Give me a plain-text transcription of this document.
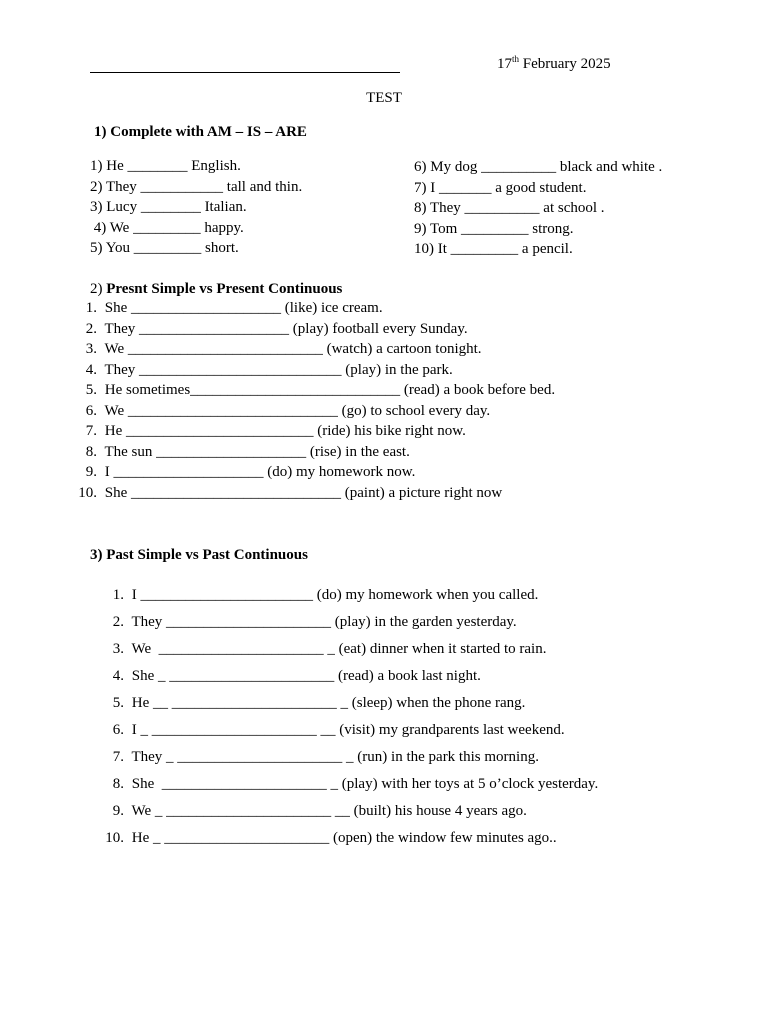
17th February 2025
TEST
1) Complete with AM – IS – ARE
1) He ________ English.
2) They ___________ tall and thin.
3) Lucy ________ Italian.
4) We _________ happy.
5) You _________ short.
6) My dog __________ black and white .
7) I _______ a good student.
8) They __________ at school .
9) Tom _________ strong.
10) It _________ a pencil.
2) Presnt Simple vs Present Continuous
1. She ____________________ (like) ice cream.
2. They ____________________ (play) football every Sunday.
3. We __________________________ (watch) a cartoon tonight.
4. They ___________________________ (play) in the park.
5. He sometimes____________________________ (read) a book before bed.
6. We ____________________________ (go) to school every day.
7. He _________________________ (ride) his bike right now.
8. The sun ____________________ (rise) in the east.
9. I ____________________ (do) my homework now.
10. She ____________________________ (paint) a picture right now
3) Past Simple vs Past Continuous
1. I _______________________ (do) my homework when you called.
2. They ______________________ (play) in the garden yesterday.
3. We  ______________________ _ (eat) dinner when it started to rain.
4. She _ ______________________ (read) a book last night.
5. He __ ______________________ _ (sleep) when the phone rang.
6. I _ ______________________ __ (visit) my grandparents last weekend.
7. They _ ______________________ _ (run) in the park this morning.
8. She  ______________________ _ (play) with her toys at 5 o’clock yesterday.
9. We _ ______________________ __ (built) his house 4 years ago.
10. He _ ______________________ (open) the window few minutes ago..
